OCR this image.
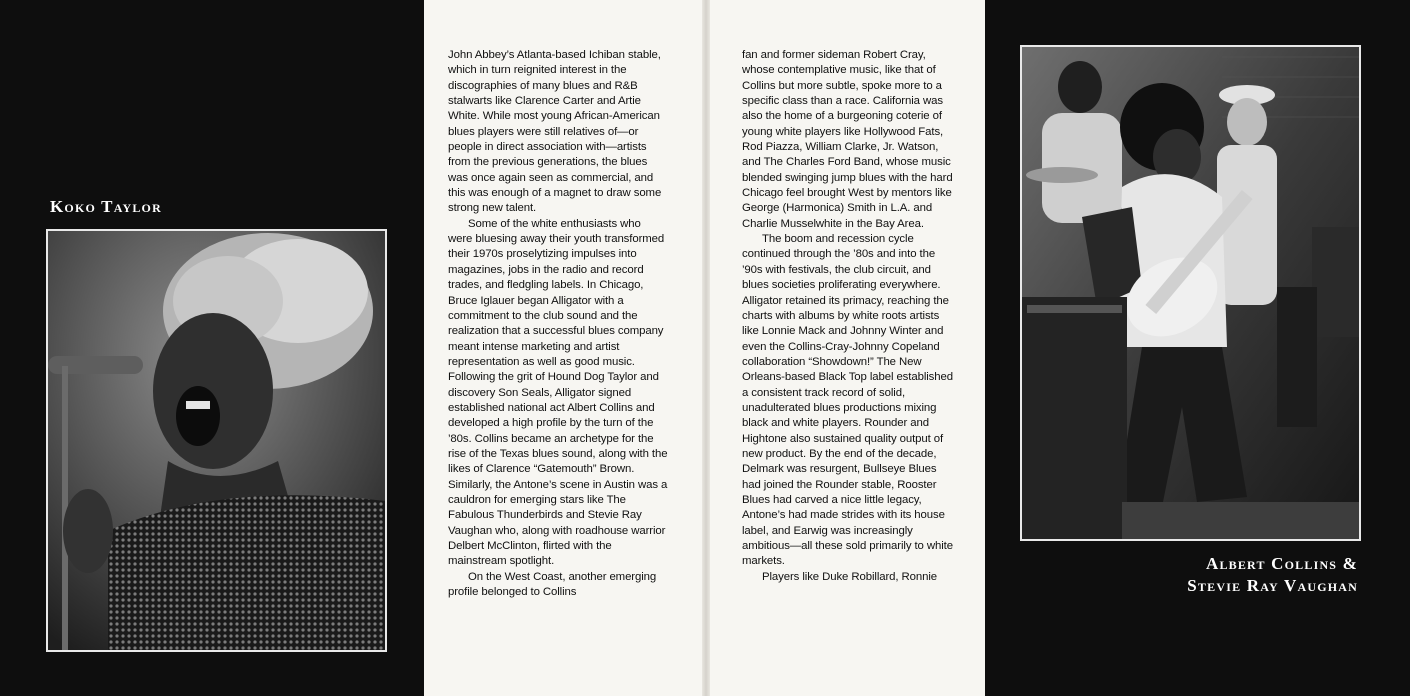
Koko Taylor

John Abbey’s Atlanta-based Ichiban stable, which in turn reignited interest in the discographies of many blues and R&B stalwarts like Clarence Carter and Artie White. While most young African-American blues players were still relatives of—or people in direct association with—artists from the previous generations, the blues was once again seen as commercial, and this was enough of a magnet to draw some strong new talent.

Some of the white enthusiasts who were bluesing away their youth transformed their 1970s proselytizing impulses into magazines, jobs in the radio and record trades, and fledgling labels. In Chicago, Bruce Iglauer began Alligator with a commitment to the club sound and the realization that a successful blues company meant intense marketing and artist representation as well as good music. Following the grit of Hound Dog Taylor and discovery Son Seals, Alligator signed established national act Albert Collins and developed a high profile by the turn of the ’80s. Collins became an archetype for the rise of the Texas blues sound, along with the likes of Clarence “Gatemouth” Brown. Similarly, the Antone’s scene in Austin was a cauldron for emerging stars like The Fabulous Thunderbirds and Stevie Ray Vaughan who, along with roadhouse warrior Delbert McClinton, flirted with the mainstream spotlight.

On the West Coast, another emerging profile belonged to Collins

fan and former sideman Robert Cray, whose contemplative music, like that of Collins but more subtle, spoke more to a specific class than a race. California was also the home of a burgeoning coterie of young white players like Hollywood Fats, Rod Piazza, William Clarke, Jr. Watson, and The Charles Ford Band, whose music blended swinging jump blues with the hard Chicago feel brought West by mentors like George (Harmonica) Smith in L.A. and Charlie Musselwhite in the Bay Area.

The boom and recession cycle continued through the ’80s and into the ’90s with festivals, the club circuit, and blues societies proliferating everywhere. Alligator retained its primacy, reaching the charts with albums by white roots artists like Lonnie Mack and Johnny Winter and even the Collins-Cray-Johnny Copeland collaboration “Showdown!” The New Orleans-based Black Top label established a consistent track record of solid, unadulterated blues productions mixing black and white players. Rounder and Hightone also sustained quality output of new product. By the end of the decade, Delmark was resurgent, Bullseye Blues had joined the Rounder stable, Rooster Blues had carved a nice little legacy, Antone’s had made strides with its house label, and Earwig was increasingly ambitious—all these sold primarily to white markets.

Players like Duke Robillard, Ronnie

Albert Collins &
Stevie Ray Vaughan
